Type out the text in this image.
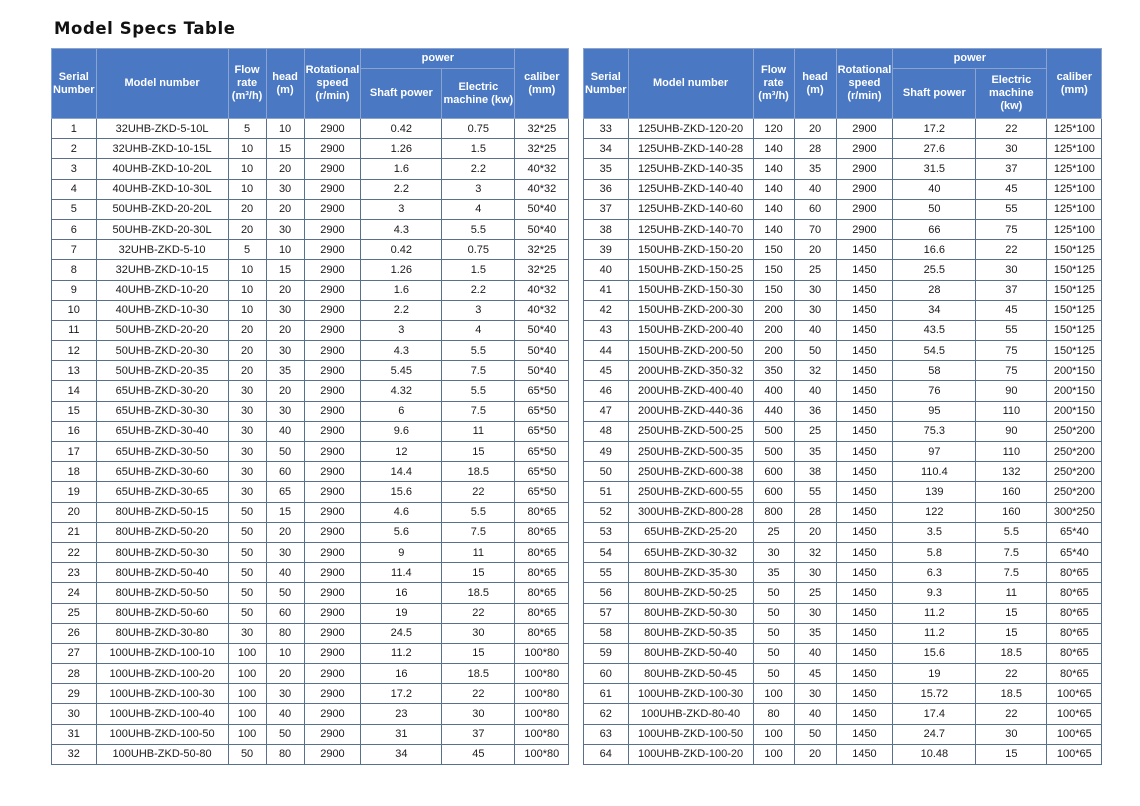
Model Specs Table
Serial Number	Model number	Flow rate (m³/h)	head (m)	Rotational speed (r/min)	power		caliber (mm)
					Shaft power	Electric machine (kw)	
1	32UHB-ZKD-5-10L	5	10	2900	0.42	0.75	32*25
2	32UHB-ZKD-10-15L	10	15	2900	1.26	1.5	32*25
3	40UHB-ZKD-10-20L	10	20	2900	1.6	2.2	40*32
4	40UHB-ZKD-10-30L	10	30	2900	2.2	3	40*32
5	50UHB-ZKD-20-20L	20	20	2900	3	4	50*40
6	50UHB-ZKD-20-30L	20	30	2900	4.3	5.5	50*40
7	32UHB-ZKD-5-10	5	10	2900	0.42	0.75	32*25
8	32UHB-ZKD-10-15	10	15	2900	1.26	1.5	32*25
9	40UHB-ZKD-10-20	10	20	2900	1.6	2.2	40*32
10	40UHB-ZKD-10-30	10	30	2900	2.2	3	40*32
11	50UHB-ZKD-20-20	20	20	2900	3	4	50*40
12	50UHB-ZKD-20-30	20	30	2900	4.3	5.5	50*40
13	50UHB-ZKD-20-35	20	35	2900	5.45	7.5	50*40
14	65UHB-ZKD-30-20	30	20	2900	4.32	5.5	65*50
15	65UHB-ZKD-30-30	30	30	2900	6	7.5	65*50
16	65UHB-ZKD-30-40	30	40	2900	9.6	11	65*50
17	65UHB-ZKD-30-50	30	50	2900	12	15	65*50
18	65UHB-ZKD-30-60	30	60	2900	14.4	18.5	65*50
19	65UHB-ZKD-30-65	30	65	2900	15.6	22	65*50
20	80UHB-ZKD-50-15	50	15	2900	4.6	5.5	80*65
21	80UHB-ZKD-50-20	50	20	2900	5.6	7.5	80*65
22	80UHB-ZKD-50-30	50	30	2900	9	11	80*65
23	80UHB-ZKD-50-40	50	40	2900	11.4	15	80*65
24	80UHB-ZKD-50-50	50	50	2900	16	18.5	80*65
25	80UHB-ZKD-50-60	50	60	2900	19	22	80*65
26	80UHB-ZKD-30-80	30	80	2900	24.5	30	80*65
27	100UHB-ZKD-100-10	100	10	2900	11.2	15	100*80
28	100UHB-ZKD-100-20	100	20	2900	16	18.5	100*80
29	100UHB-ZKD-100-30	100	30	2900	17.2	22	100*80
30	100UHB-ZKD-100-40	100	40	2900	23	30	100*80
31	100UHB-ZKD-100-50	100	50	2900	31	37	100*80
32	100UHB-ZKD-50-80	50	80	2900	34	45	100*80
Serial Number	Model number	Flow rate (m³/h)	head (m)	Rotational speed (r/min)	power		caliber (mm)
					Shaft power	Electric machine (kw)	
33	125UHB-ZKD-120-20	120	20	2900	17.2	22	125*100
34	125UHB-ZKD-140-28	140	28	2900	27.6	30	125*100
35	125UHB-ZKD-140-35	140	35	2900	31.5	37	125*100
36	125UHB-ZKD-140-40	140	40	2900	40	45	125*100
37	125UHB-ZKD-140-60	140	60	2900	50	55	125*100
38	125UHB-ZKD-140-70	140	70	2900	66	75	125*100
39	150UHB-ZKD-150-20	150	20	1450	16.6	22	150*125
40	150UHB-ZKD-150-25	150	25	1450	25.5	30	150*125
41	150UHB-ZKD-150-30	150	30	1450	28	37	150*125
42	150UHB-ZKD-200-30	200	30	1450	34	45	150*125
43	150UHB-ZKD-200-40	200	40	1450	43.5	55	150*125
44	150UHB-ZKD-200-50	200	50	1450	54.5	75	150*125
45	200UHB-ZKD-350-32	350	32	1450	58	75	200*150
46	200UHB-ZKD-400-40	400	40	1450	76	90	200*150
47	200UHB-ZKD-440-36	440	36	1450	95	110	200*150
48	250UHB-ZKD-500-25	500	25	1450	75.3	90	250*200
49	250UHB-ZKD-500-35	500	35	1450	97	110	250*200
50	250UHB-ZKD-600-38	600	38	1450	110.4	132	250*200
51	250UHB-ZKD-600-55	600	55	1450	139	160	250*200
52	300UHB-ZKD-800-28	800	28	1450	122	160	300*250
53	65UHB-ZKD-25-20	25	20	1450	3.5	5.5	65*40
54	65UHB-ZKD-30-32	30	32	1450	5.8	7.5	65*40
55	80UHB-ZKD-35-30	35	30	1450	6.3	7.5	80*65
56	80UHB-ZKD-50-25	50	25	1450	9.3	11	80*65
57	80UHB-ZKD-50-30	50	30	1450	11.2	15	80*65
58	80UHB-ZKD-50-35	50	35	1450	11.2	15	80*65
59	80UHB-ZKD-50-40	50	40	1450	15.6	18.5	80*65
60	80UHB-ZKD-50-45	50	45	1450	19	22	80*65
61	100UHB-ZKD-100-30	100	30	1450	15.72	18.5	100*65
62	100UHB-ZKD-80-40	80	40	1450	17.4	22	100*65
63	100UHB-ZKD-100-50	100	50	1450	24.7	30	100*65
64	100UHB-ZKD-100-20	100	20	1450	10.48	15	100*65
